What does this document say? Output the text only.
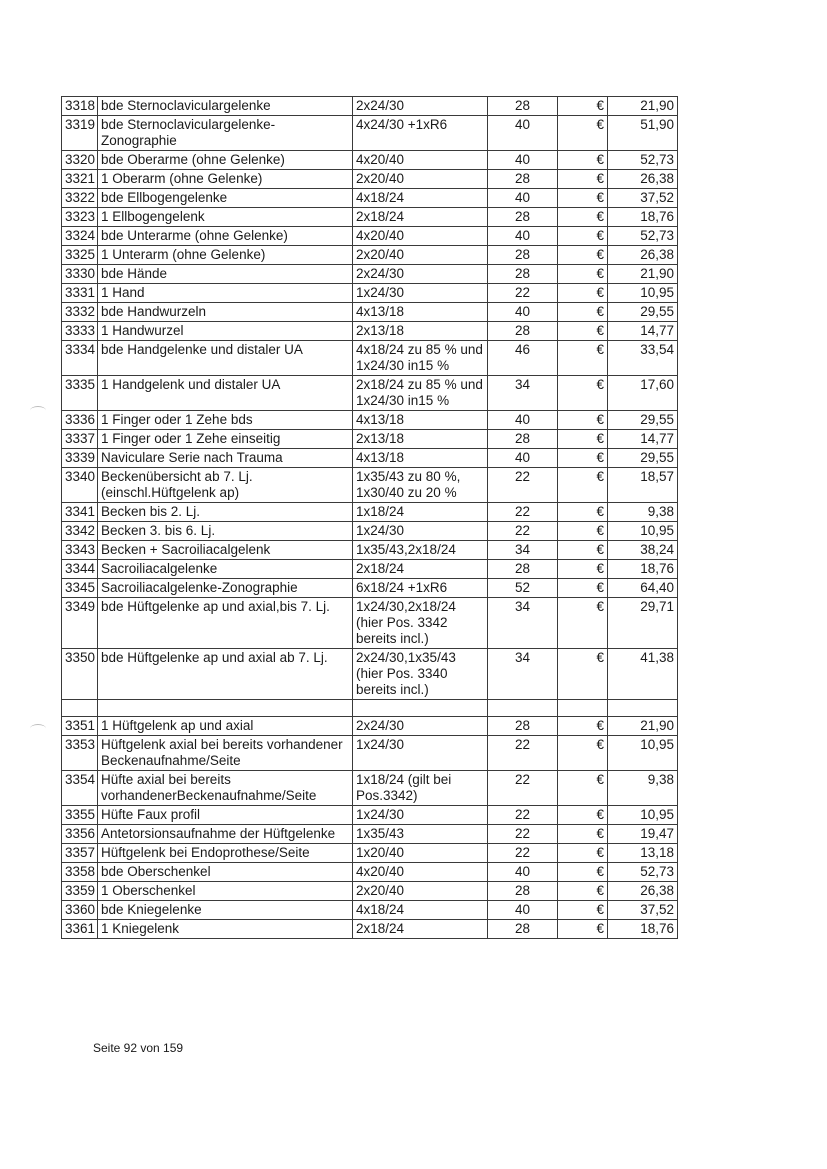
3318	bde Sternoclaviculargelenke	2x24/30	28	€	21,90
3319	bde Sternoclaviculargelenke-Zonographie	4x24/30 +1xR6	40	€	51,90
3320	bde Oberarme (ohne Gelenke)	4x20/40	40	€	52,73
3321	1 Oberarm (ohne Gelenke)	2x20/40	28	€	26,38
3322	bde Ellbogengelenke	4x18/24	40	€	37,52
3323	1 Ellbogengelenk	2x18/24	28	€	18,76
3324	bde Unterarme (ohne Gelenke)	4x20/40	40	€	52,73
3325	1 Unterarm (ohne Gelenke)	2x20/40	28	€	26,38
3330	bde Hände	2x24/30	28	€	21,90
3331	1 Hand	1x24/30	22	€	10,95
3332	bde Handwurzeln	4x13/18	40	€	29,55
3333	1 Handwurzel	2x13/18	28	€	14,77
3334	bde Handgelenke und distaler UA	4x18/24 zu 85 % und 1x24/30 in15 %	46	€	33,54
3335	1 Handgelenk und distaler UA	2x18/24 zu 85 % und 1x24/30 in15 %	34	€	17,60
3336	1 Finger oder 1 Zehe bds	4x13/18	40	€	29,55
3337	1 Finger oder 1 Zehe einseitig	2x13/18	28	€	14,77
3339	Naviculare Serie nach Trauma	4x13/18	40	€	29,55
3340	Beckenübersicht ab 7. Lj. (einschl.Hüftgelenk ap)	1x35/43 zu 80 %, 1x30/40 zu 20 %	22	€	18,57
3341	Becken bis 2. Lj.	1x18/24	22	€	9,38
3342	Becken 3. bis 6. Lj.	1x24/30	22	€	10,95
3343	Becken + Sacroiliacalgelenk	1x35/43,2x18/24	34	€	38,24
3344	Sacroiliacalgelenke	2x18/24	28	€	18,76
3345	Sacroiliacalgelenke-Zonographie	6x18/24 +1xR6	52	€	64,40
3349	bde Hüftgelenke ap und axial,bis 7. Lj.	1x24/30,2x18/24 (hier Pos. 3342 bereits incl.)	34	€	29,71
3350	bde Hüftgelenke ap und axial ab 7. Lj.	2x24/30,1x35/43 (hier Pos. 3340 bereits incl.)	34	€	41,38

3351	1 Hüftgelenk ap und axial	2x24/30	28	€	21,90
3353	Hüftgelenk axial bei bereits vorhandener Beckenaufnahme/Seite	1x24/30	22	€	10,95
3354	Hüfte axial bei bereits vorhandenerBeckenaufnahme/Seite	1x18/24 (gilt bei Pos.3342)	22	€	9,38
3355	Hüfte Faux profil	1x24/30	22	€	10,95
3356	Antetorsionsaufnahme der Hüftgelenke	1x35/43	22	€	19,47
3357	Hüftgelenk bei Endoprothese/Seite	1x20/40	22	€	13,18
3358	bde Oberschenkel	4x20/40	40	€	52,73
3359	1 Oberschenkel	2x20/40	28	€	26,38
3360	bde Kniegelenke	4x18/24	40	€	37,52
3361	1 Kniegelenk	2x18/24	28	€	18,76
Seite 92 von 159
